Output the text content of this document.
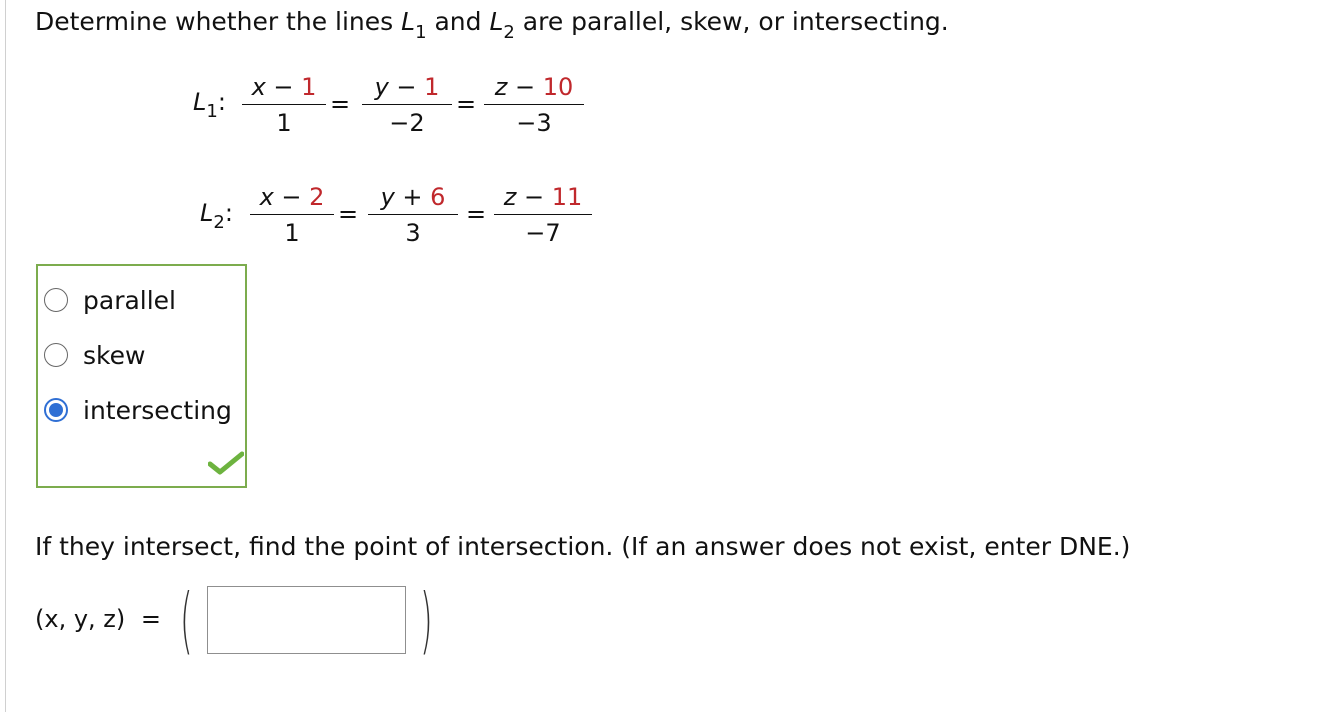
Determine whether the lines $L_1$ and $L_2$ are parallel, skew, or intersecting.
$L_1$:
x − 1
1
=
y − 1
−2
=
z − 10
−3
$L_2$:
x − 2
1
=
y + 6
3
=
z − 11
−7
parallel
skew
intersecting
If they intersect, find the point of intersection. (If an answer does not exist, enter DNE.)
(x, y, z) = (	)
